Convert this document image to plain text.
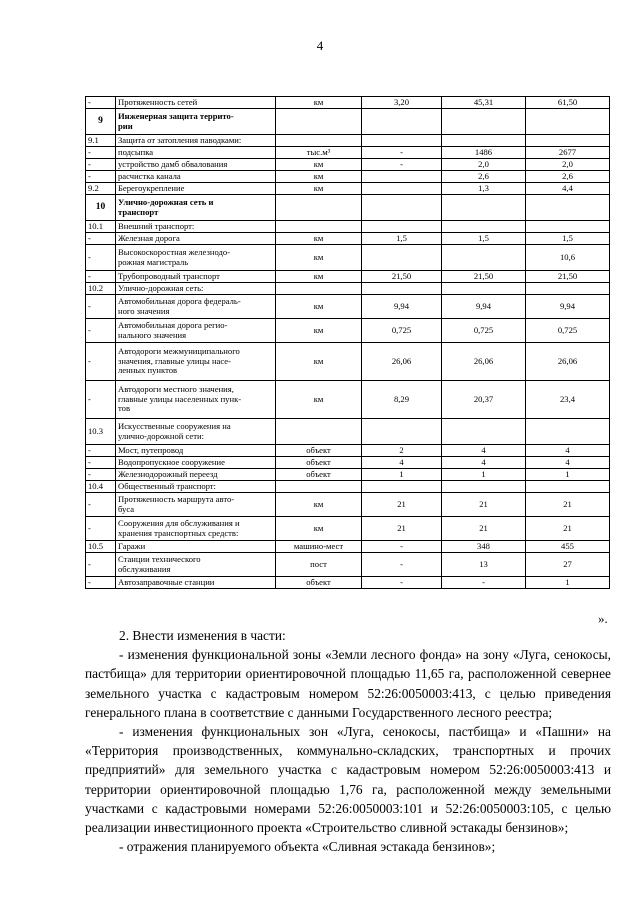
4
-	Протяженность сетей	км	3,20	45,31	61,50
9	Инженерная защита террито-
рии				
9.1	Защита от затопления паводками:				
-	подсыпка	тыс.м³	-	1486	2677
-	устройство дамб обвалования	км	-	2,0	2,0
-	расчистка канала	км		2,6	2,6
9.2	Берегоукрепление	км		1,3	4,4
10	Улично-дорожная сеть и
транспорт				
10.1	Внешний транспорт:				
-	Железная дорога	км	1,5	1,5	1,5
-	Высокоскоростная железнодо-
рожная магистраль	км			10,6
-	Трубопроводный транспорт	км	21,50	21,50	21,50
10.2	Улично-дорожная сеть:				
-	Автомобильная дорога федераль-
ного значения	км	9,94	9,94	9,94
-	Автомобильная дорога регио-
нального значения	км	0,725	0,725	0,725
-	Автодороги межмуниципального
значения, главные улицы насе-
ленных пунктов	км	26,06	26,06	26,06
-	Автодороги местного значения,
главные улицы населенных пунк-
тов	км	8,29	20,37	23,4
10.3	Искусственные сооружения на
улично-дорожной сети:				
-	Мост, путепровод	объект	2	4	4
-	Водопропускное сооружение	объект	4	4	4
-	Железнодорожный переезд	объект	1	1	1
10.4	Общественный транспорт:				
-	Протяженность маршрута авто-
буса	км	21	21	21
-	Сооружения для обслуживания и
хранения транспортных средств:	км	21	21	21
10.5	Гаражи	машино-мест	-	348	455
-	Станции технического
обслуживания	пост	-	13	27
-	Автозаправочные станции	объект	-	-	1
».

2. Внести изменения в части:

- изменения функциональной зоны «Земли лесного фонда» на зону «Луга, сенокосы, пастбища» для территории ориентировочной площадью 11,65 га, расположенной севернее земельного участка с кадастровым номером 52:26:0050003:413, с целью приведения генерального плана в соответствие с данными Государственного лесного реестра;

- изменения функциональных зон «Луга, сенокосы, пастбища» и «Пашни» на «Территория производственных, коммунально-складских, транспортных и прочих предприятий» для земельного участка с кадастровым номером 52:26:0050003:413 и территории ориентировочной площадью 1,76 га, расположенной между земельными участками с кадастровыми номерами 52:26:0050003:101 и 52:26:0050003:105, с целью реализации инвестиционного проекта «Строительство сливной эстакады бензинов»;

- отражения планируемого объекта «Сливная эстакада бензинов»;
